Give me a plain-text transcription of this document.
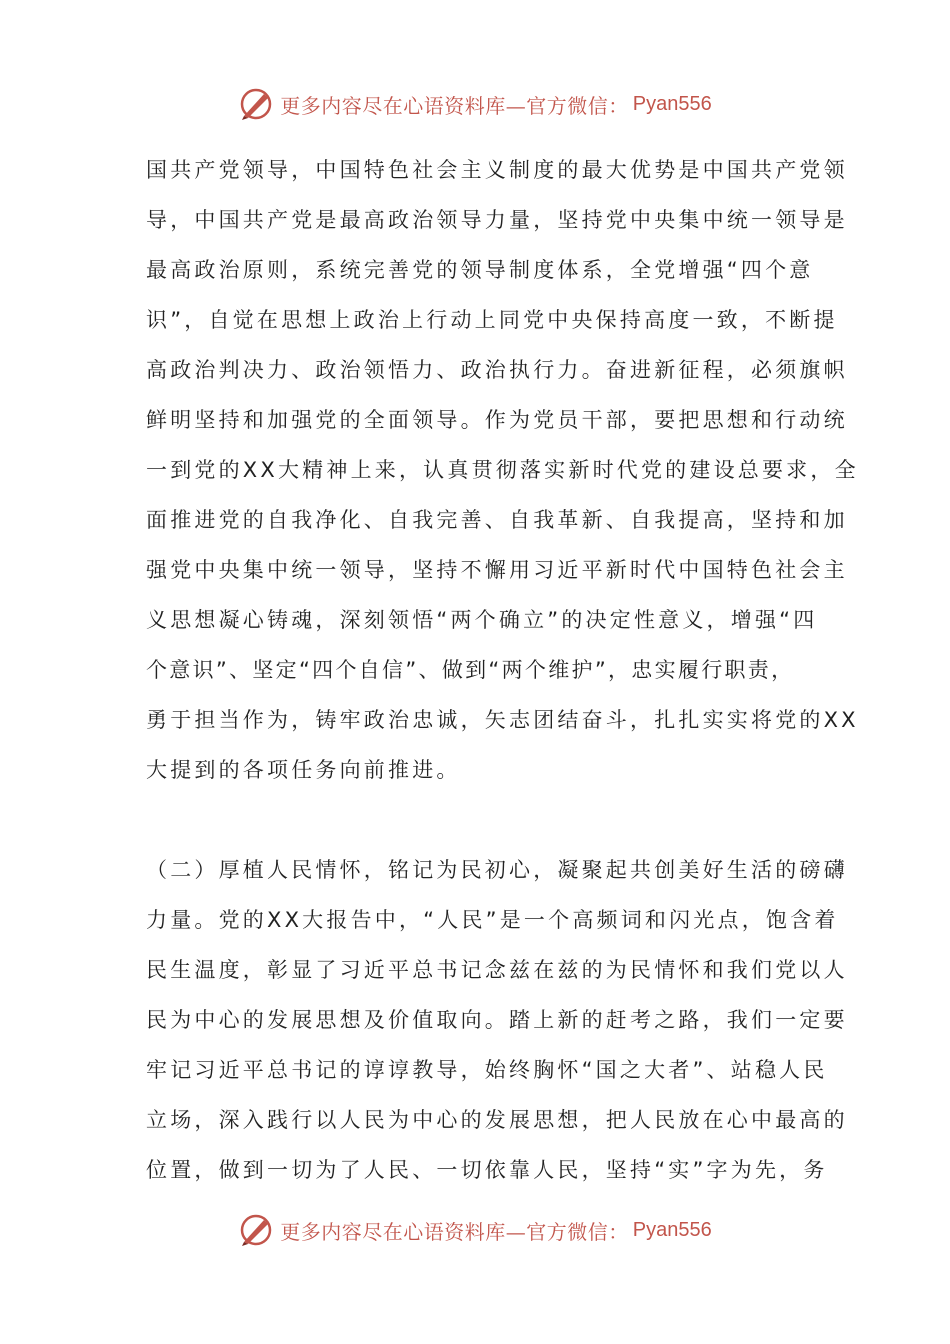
更多内容尽在心语资料库—官方微信： Pyan556
国共产党领导，中国特色社会主义制度的最大优势是中国共产党领
导，中国共产党是最高政治领导力量，坚持党中央集中统一领导是
最高政治原则，系统完善党的领导制度体系，全党增强“四个意
识”，自觉在思想上政治上行动上同党中央保持高度一致，不断提
高政治判决力、政治领悟力、政治执行力。奋进新征程，必须旗帜
鲜明坚持和加强党的全面领导。作为党员干部，要把思想和行动统
一到党的XX大精神上来，认真贯彻落实新时代党的建设总要求，全
面推进党的自我净化、自我完善、自我革新、自我提高，坚持和加
强党中央集中统一领导，坚持不懈用习近平新时代中国特色社会主
义思想凝心铸魂，深刻领悟“两个确立”的决定性意义，增强“四
个意识”、坚定“四个自信”、做到“两个维护”，忠实履行职责，
勇于担当作为，铸牢政治忠诚，矢志团结奋斗，扎扎实实将党的XX
大提到的各项任务向前推进。
（二）厚植人民情怀，铭记为民初心，凝聚起共创美好生活的磅礴
力量。党的XX大报告中，“人民”是一个高频词和闪光点，饱含着
民生温度，彰显了习近平总书记念兹在兹的为民情怀和我们党以人
民为中心的发展思想及价值取向。踏上新的赶考之路，我们一定要
牢记习近平总书记的谆谆教导，始终胸怀“国之大者”、站稳人民
立场，深入践行以人民为中心的发展思想，把人民放在心中最高的
位置，做到一切为了人民、一切依靠人民，坚持“实”字为先，务
更多内容尽在心语资料库—官方微信： Pyan556
